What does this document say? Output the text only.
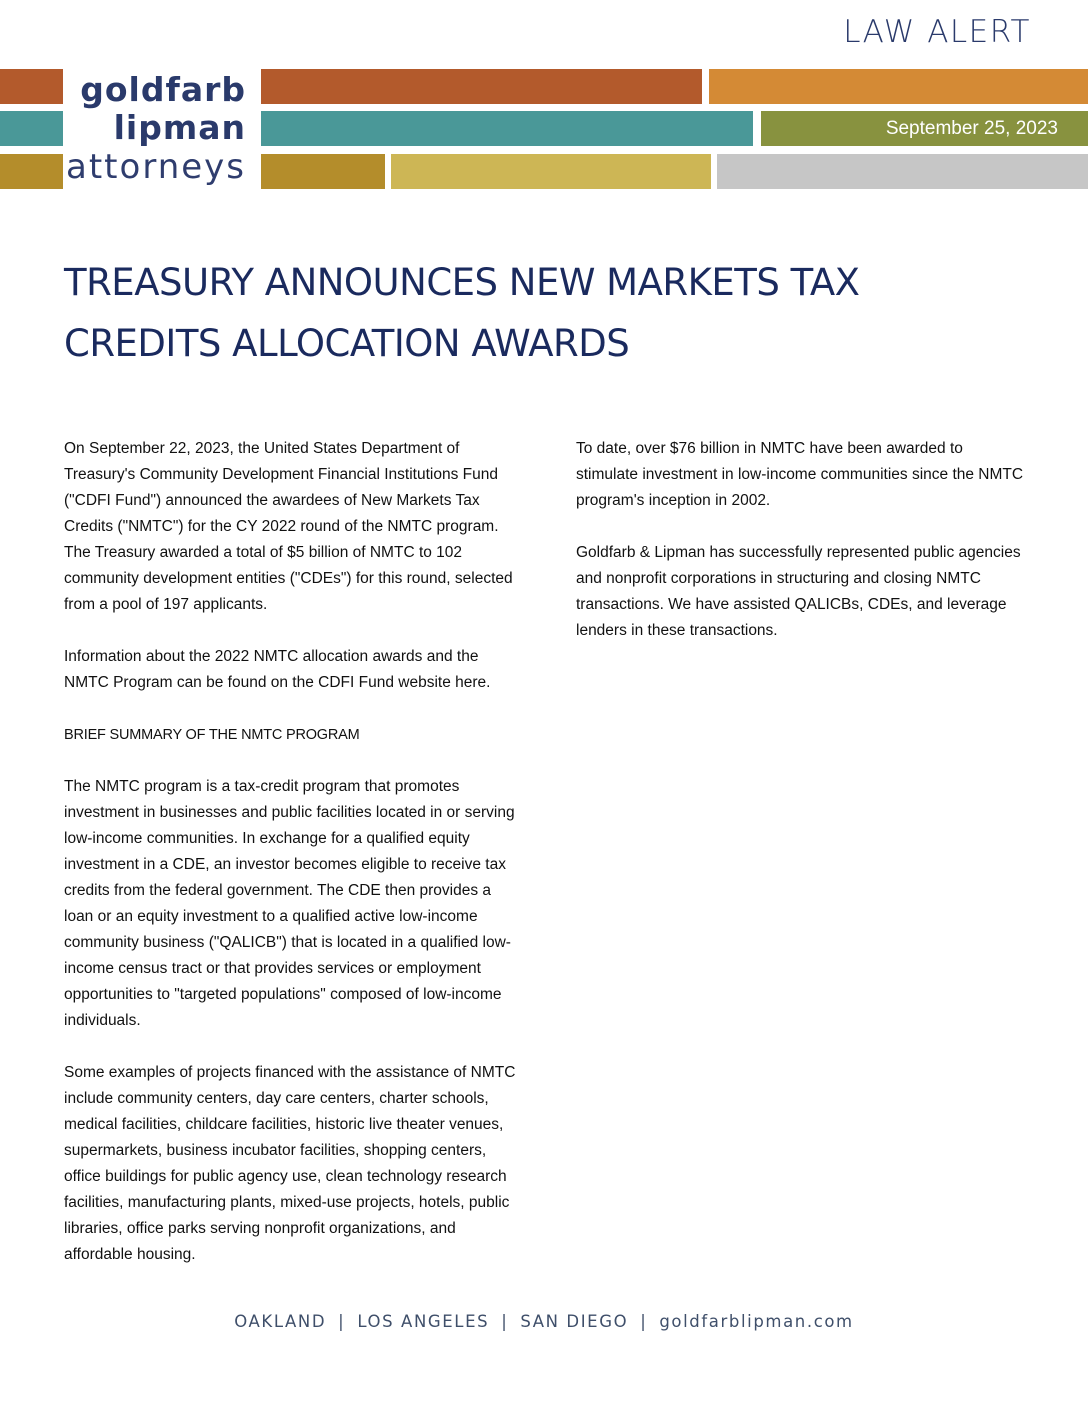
LAW ALERT
September 25, 2023
goldfarb
lipman
attorneys
TREASURY ANNOUNCES NEW MARKETS TAX CREDITS ALLOCATION AWARDS

On September 22, 2023, the United States Department of Treasury's Community Development Financial Institutions Fund ("CDFI Fund") announced the awardees of New Markets Tax Credits ("NMTC") for the CY 2022 round of the NMTC program. The Treasury awarded a total of $5 billion of NMTC to 102 community development entities ("CDEs") for this round, selected from a pool of 197 applicants.

Information about the 2022 NMTC allocation awards and the NMTC Program can be found on the CDFI Fund website here.

BRIEF SUMMARY OF THE NMTC PROGRAM

The NMTC program is a tax-credit program that promotes investment in businesses and public facilities located in or serving low-income communities. In exchange for a qualified equity investment in a CDE, an investor becomes eligible to receive tax credits from the federal government. The CDE then provides a loan or an equity investment to a qualified active low-income community business ("QALICB") that is located in a qualified low-income census tract or that provides services or employment opportunities to "targeted populations" composed of low-income individuals.

Some examples of projects financed with the assistance of NMTC include community centers, day care centers, charter schools, medical facilities, childcare facilities, historic live theater venues, supermarkets, business incubator facilities, shopping centers, office buildings for public agency use, clean technology research facilities, manufacturing plants, mixed-use projects, hotels, public libraries, office parks serving nonprofit organizations, and affordable housing.

To date, over $76 billion in NMTC have been awarded to stimulate investment in low-income communities since the NMTC program's inception in 2002.

Goldfarb & Lipman has successfully represented public agencies and nonprofit corporations in structuring and closing NMTC transactions. We have assisted QALICBs, CDEs, and leverage lenders in these transactions.

OAKLAND | LOS ANGELES | SAN DIEGO | goldfarblipman.com
